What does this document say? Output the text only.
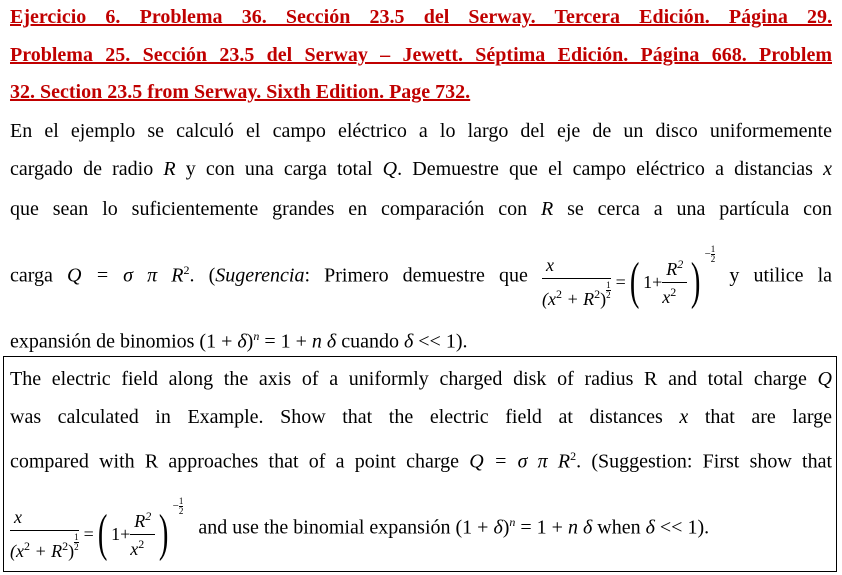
Ejercicio 6. Problema 36. Sección 23.5 del Serway. Tercera Edición. Página 29.
Problema 25. Sección 23.5 del Serway – Jewett. Séptima Edición. Página 668. Problem
32. Section 23.5 from Serway. Sixth Edition. Page 732.
En el ejemplo se calculó el campo eléctrico a lo largo del eje de un disco uniformemente
cargado de radio R y con una carga total Q. Demuestre que el campo eléctrico a distancias x
que sean lo suficientemente grandes en comparación con R se cerca a una partícula con
carga Q = σ π $R^2$. (Sugerencia: Primero demuestre que $\frac{x}{(x^2 + R^2) \frac{1}{2}}$ =( $1+ \frac{R^2}{x^2}$ ) $^{- \frac{1}{2}}$
y utilice la
expansión de binomios $(1 + \delta)^n = 1 + n$ δ cuando δ << 1).
The electric field along the axis of a uniformly charged disk of radius R and total charge Q
was calculated in Example. Show that the electric field at distances x that are large
compared with R approaches that of a point charge Q = σ π $R^2$. (Suggestion: First show that
$\frac{x}{(x^2 + R^2) \frac{1}{2}}$ =( $1+ \frac{R^2}{x^2}$ ) $^{- \frac{1}{2}}$
and use the binomial expansión $(1 + \delta)^n = 1 + n$ δ when δ << 1).
